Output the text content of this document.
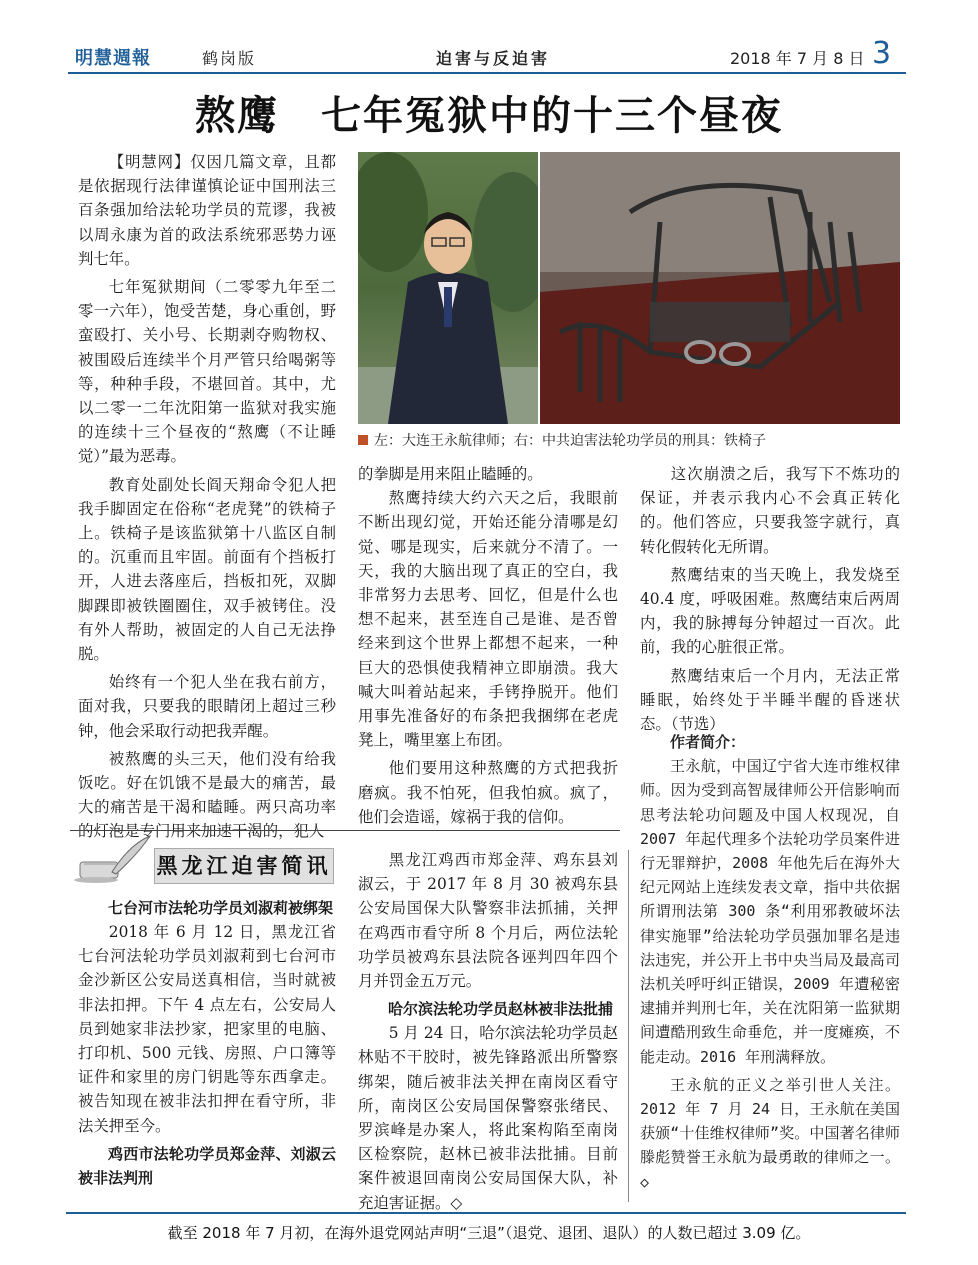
明慧週報	鹤岗版	迫害与反迫害	2018 年 7 月 8 日 3
熬鹰　七年冤狱中的十三个昼夜

【明慧网】仅因几篇文章，且都是依据现行法律谨慎论证中国刑法三百条强加给法轮功学员的荒谬，我被以周永康为首的政法系统邪恶势力诬判七年。

七年冤狱期间（二零零九年至二零一六年），饱受苦楚，身心重创，野蛮殴打、关小号、长期剥夺购物权、被围殴后连续半个月严管只给喝粥等等，种种手段，不堪回首。其中，尤以二零一二年沈阳第一监狱对我实施的连续十三个昼夜的“熬鹰（不让睡觉）”最为恶毒。

教育处副处长阎天翔命令犯人把我手脚固定在俗称“老虎凳”的铁椅子上。铁椅子是该监狱第十八监区自制的。沉重而且牢固。前面有个挡板打开，人进去落座后，挡板扣死，双脚脚踝即被铁圈圈住，双手被铐住。没有外人帮助，被固定的人自己无法挣脱。

始终有一个犯人坐在我右前方，面对我，只要我的眼睛闭上超过三秒钟，他会采取行动把我弄醒。

被熬鹰的头三天，他们没有给我饭吃。好在饥饿不是最大的痛苦，最大的痛苦是干渴和瞌睡。两只高功率的灯泡是专门用来加速干渴的，犯人

左：大连王永航律师；右：中共迫害法轮功学员的刑具：铁椅子

的拳脚是用来阻止瞌睡的。

熬鹰持续大约六天之后，我眼前不断出现幻觉，开始还能分清哪是幻觉、哪是现实，后来就分不清了。一天，我的大脑出现了真正的空白，我非常努力去思考、回忆，但是什么也想不起来，甚至连自己是谁、是否曾经来到这个世界上都想不起来，一种巨大的恐惧使我精神立即崩溃。我大喊大叫着站起来，手铐挣脱开。他们用事先准备好的布条把我捆绑在老虎凳上，嘴里塞上布团。

他们要用这种熬鹰的方式把我折磨疯。我不怕死，但我怕疯。疯了，他们会造谣，嫁祸于我的信仰。

这次崩溃之后，我写下不炼功的保证，并表示我内心不会真正转化的。他们答应，只要我签字就行，真转化假转化无所谓。

熬鹰结束的当天晚上，我发烧至 40.4 度，呼吸困难。熬鹰结束后两周内，我的脉搏每分钟超过一百次。此前，我的心脏很正常。

熬鹰结束后一个月内，无法正常睡眠，始终处于半睡半醒的昏迷状态。（节选）

作者简介：

王永航，中国辽宁省大连市维权律师。因为受到高智晟律师公开信影响而思考法轮功问题及中国人权现况，自 2007 年起代理多个法轮功学员案件进行无罪辩护，2008 年他先后在海外大纪元网站上连续发表文章，指中共依据所谓刑法第 300 条“利用邪教破坏法律实施罪”给法轮功学员强加罪名是违法违宪，并公开上书中央当局及最高司法机关呼吁纠正错误，2009 年遭秘密逮捕并判刑七年，关在沈阳第一监狱期间遭酷刑致生命垂危，并一度瘫痪，不能走动。2016 年刑满释放。

王永航的正义之举引世人关注。2012 年 7 月 24 日，王永航在美国获颁“十佳维权律师”奖。中国著名律师滕彪赞誉王永航为最勇敢的律师之一。◇

黑龙江迫害简讯
七台河市法轮功学员刘淑莉被绑架

2018 年 6 月 12 日，黑龙江省七台河法轮功学员刘淑莉到七台河市金沙新区公安局送真相信，当时就被非法扣押。下午 4 点左右，公安局人员到她家非法抄家，把家里的电脑、打印机、500 元钱、房照、户口簿等证件和家里的房门钥匙等东西拿走。被告知现在被非法扣押在看守所，非法关押至今。

鸡西市法轮功学员郑金萍、刘淑云被非法判刑

黑龙江鸡西市郑金萍、鸡东县刘淑云，于 2017 年 8 月 30 被鸡东县公安局国保大队警察非法抓捕，关押在鸡西市看守所 8 个月后，两位法轮功学员被鸡东县法院各诬判四年四个月并罚金五万元。

哈尔滨法轮功学员赵林被非法批捕

5 月 24 日，哈尔滨法轮功学员赵林贴不干胶时，被先锋路派出所警察绑架，随后被非法关押在南岗区看守所，南岗区公安局国保警察张绪民、罗滨峰是办案人，将此案构陷至南岗区检察院，赵林已被非法批捕。目前案件被退回南岗公安局国保大队，补充迫害证据。◇

截至 2018 年 7 月初，在海外退党网站声明“三退”（退党、退团、退队）的人数已超过 3.09 亿。
